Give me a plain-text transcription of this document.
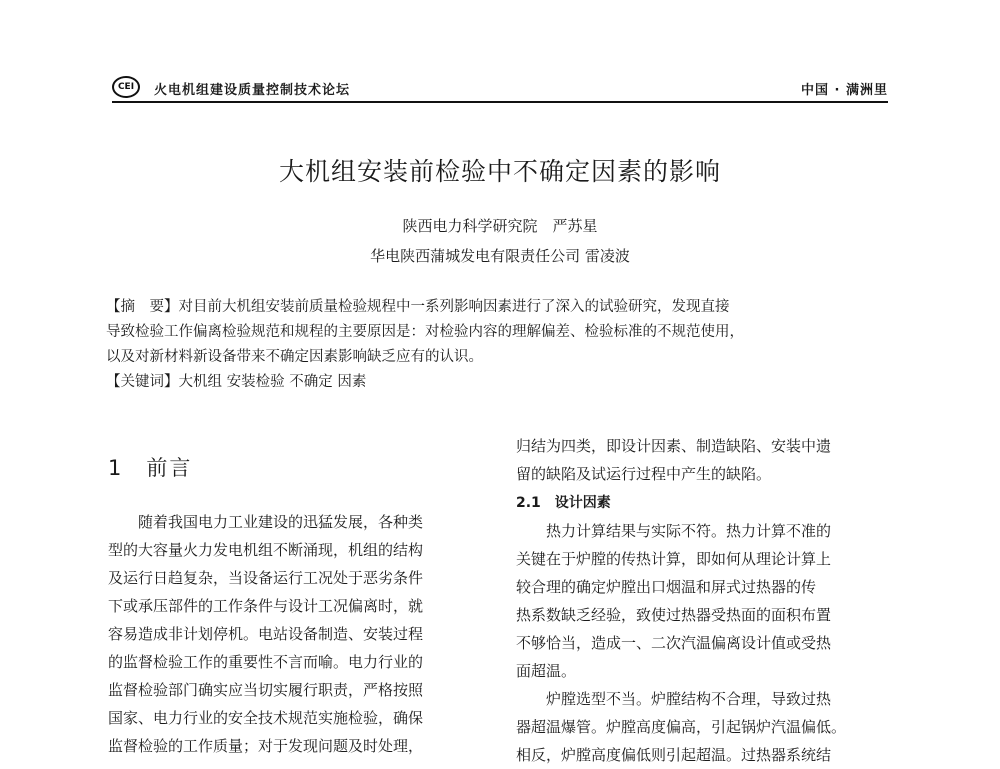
CEI	火电机组建设质量控制技术论坛	中国 · 满洲里
大机组安装前检验中不确定因素的影响
陕西电力科学研究院　严苏星
华电陕西蒲城发电有限责任公司 雷凌波

【摘　要】对目前大机组安装前质量检验规程中一系列影响因素进行了深入的试验研究，发现直接

导致检验工作偏离检验规范和规程的主要原因是：对检验内容的理解偏差、检验标准的不规范使用，

以及对新材料新设备带来不确定因素影响缺乏应有的认识。

【关键词】大机组 安装检验 不确定 因素

1　前言

　　随着我国电力工业建设的迅猛发展，各种类

型的大容量火力发电机组不断涌现，机组的结构

及运行日趋复杂，当设备运行工况处于恶劣条件

下或承压部件的工作条件与设计工况偏离时，就

容易造成非计划停机。电站设备制造、安装过程

的监督检验工作的重要性不言而喻。电力行业的

监督检验部门确实应当切实履行职责，严格按照

国家、电力行业的安全技术规范实施检验，确保

监督检验的工作质量；对于发现问题及时处理，

归结为四类，即设计因素、制造缺陷、安装中遗

留的缺陷及试运行过程中产生的缺陷。

2.1　设计因素

　　热力计算结果与实际不符。热力计算不准的

关键在于炉膛的传热计算，即如何从理论计算上

较合理的确定炉膛出口烟温和屏式过热器的传

热系数缺乏经验，致使过热器受热面的面积布置

不够恰当，造成一、二次汽温偏离设计值或受热

面超温。

　　炉膛选型不当。炉膛结构不合理，导致过热

器超温爆管。炉膛高度偏高，引起锅炉汽温偏低。

相反，炉膛高度偏低则引起超温。过热器系统结
